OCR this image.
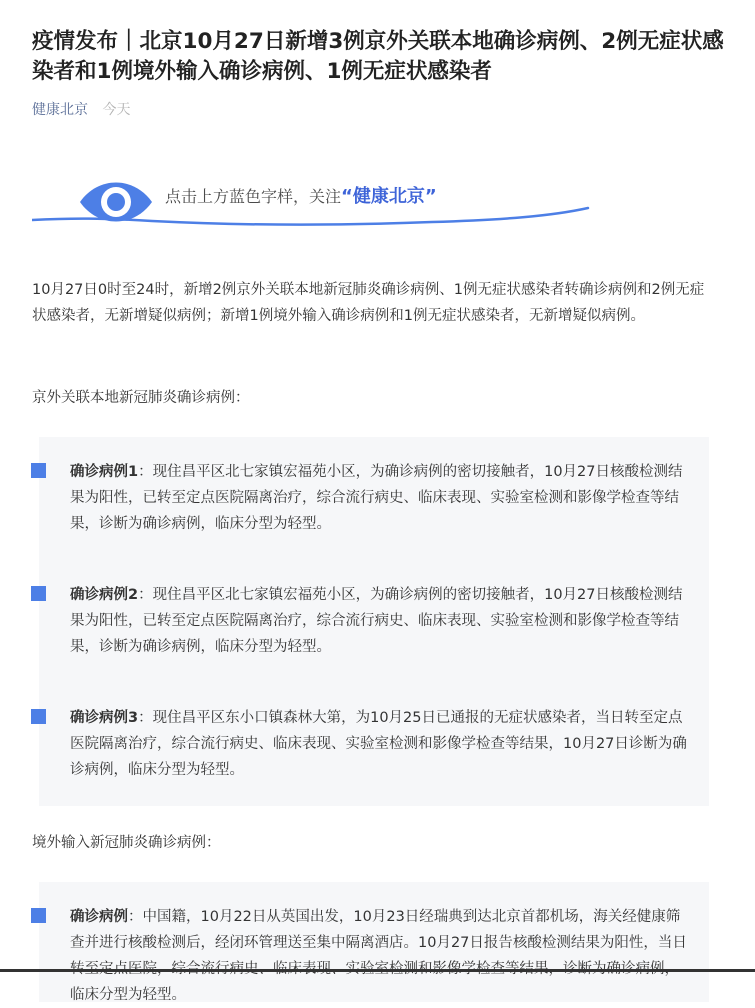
疫情发布｜北京10月27日新增3例京外关联本地确诊病例、2例无症状感染者和1例境外输入确诊病例、1例无症状感染者
健康北京 今天
点击上方蓝色字样，关注“健康北京”

10月27日0时至24时，新增2例京外关联本地新冠肺炎确诊病例、1例无症状感染者转确诊病例和2例无症状感染者，无新增疑似病例；新增1例境外输入确诊病例和1例无症状感染者，无新增疑似病例。

京外关联本地新冠肺炎确诊病例：

确诊病例1：现住昌平区北七家镇宏福苑小区，为确诊病例的密切接触者，10月27日核酸检测结果为阳性，已转至定点医院隔离治疗，综合流行病史、临床表现、实验室检测和影像学检查等结果，诊断为确诊病例，临床分型为轻型。

确诊病例2：现住昌平区北七家镇宏福苑小区，为确诊病例的密切接触者，10月27日核酸检测结果为阳性，已转至定点医院隔离治疗，综合流行病史、临床表现、实验室检测和影像学检查等结果，诊断为确诊病例，临床分型为轻型。

确诊病例3：现住昌平区东小口镇森林大第，为10月25日已通报的无症状感染者，当日转至定点医院隔离治疗，综合流行病史、临床表现、实验室检测和影像学检查等结果，10月27日诊断为确诊病例，临床分型为轻型。

境外输入新冠肺炎确诊病例：

确诊病例：中国籍，10月22日从英国出发，10月23日经瑞典到达北京首都机场，海关经健康筛查并进行核酸检测后，经闭环管理送至集中隔离酒店。10月27日报告核酸检测结果为阳性，当日 临床分型为轻型。
